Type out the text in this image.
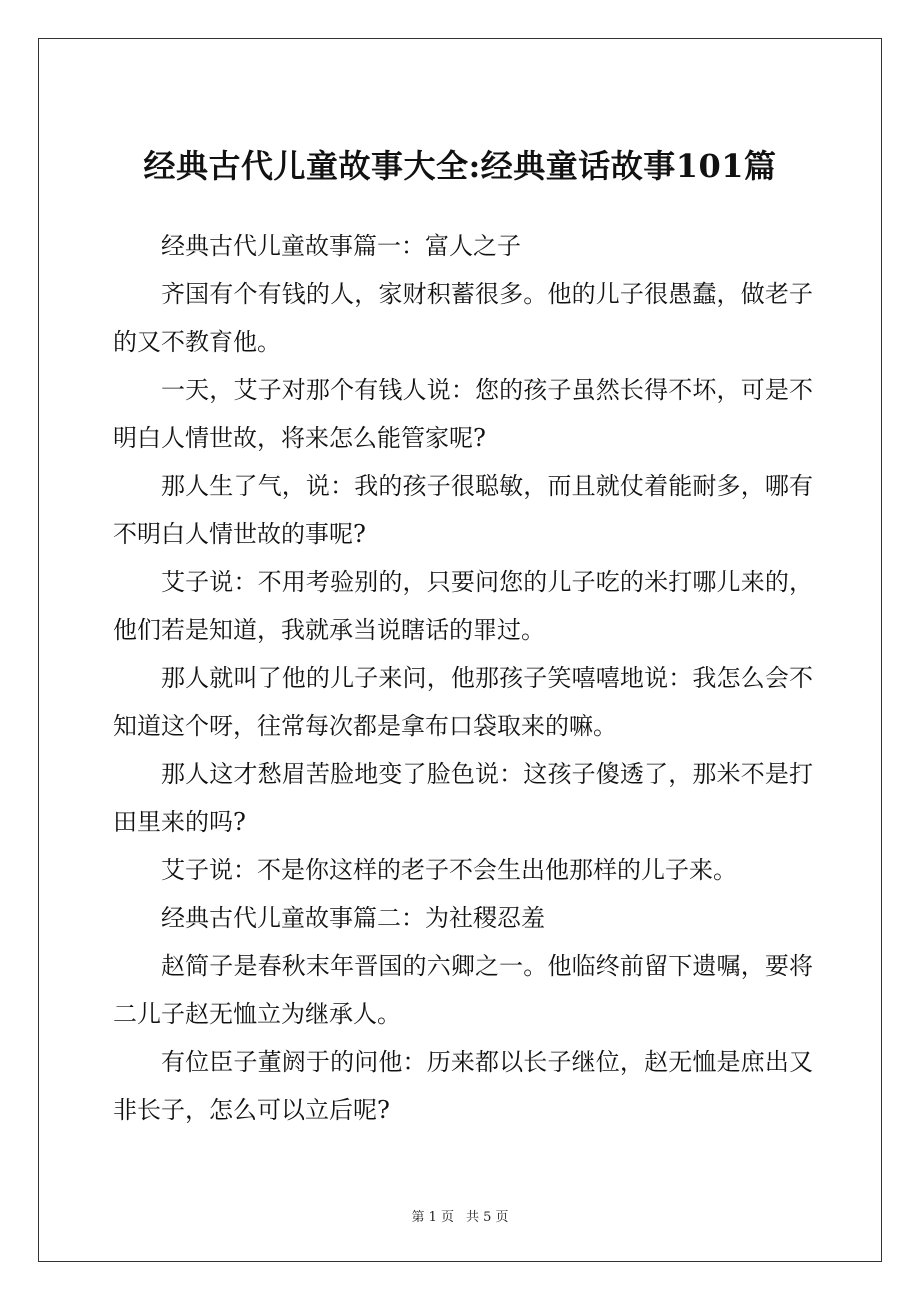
经典古代儿童故事大全:经典童话故事101篇

经典古代儿童故事篇一：富人之子

齐国有个有钱的人，家财积蓄很多。他的儿子很愚蠢，做老子的又不教育他。

一天，艾子对那个有钱人说：您的孩子虽然长得不坏，可是不明白人情世故，将来怎么能管家呢?

那人生了气，说：我的孩子很聪敏，而且就仗着能耐多，哪有不明白人情世故的事呢?

艾子说：不用考验别的，只要问您的儿子吃的米打哪儿来的，他们若是知道，我就承当说瞎话的罪过。

那人就叫了他的儿子来问，他那孩子笑嘻嘻地说：我怎么会不知道这个呀，往常每次都是拿布口袋取来的嘛。

那人这才愁眉苦脸地变了脸色说：这孩子傻透了，那米不是打田里来的吗?

艾子说：不是你这样的老子不会生出他那样的儿子来。

经典古代儿童故事篇二：为社稷忍羞

赵简子是春秋末年晋国的六卿之一。他临终前留下遗嘱，要将二儿子赵无恤立为继承人。

有位臣子董阏于的问他：历来都以长子继位，赵无恤是庶出又非长子，怎么可以立后呢?

第 1 页 共 5 页
